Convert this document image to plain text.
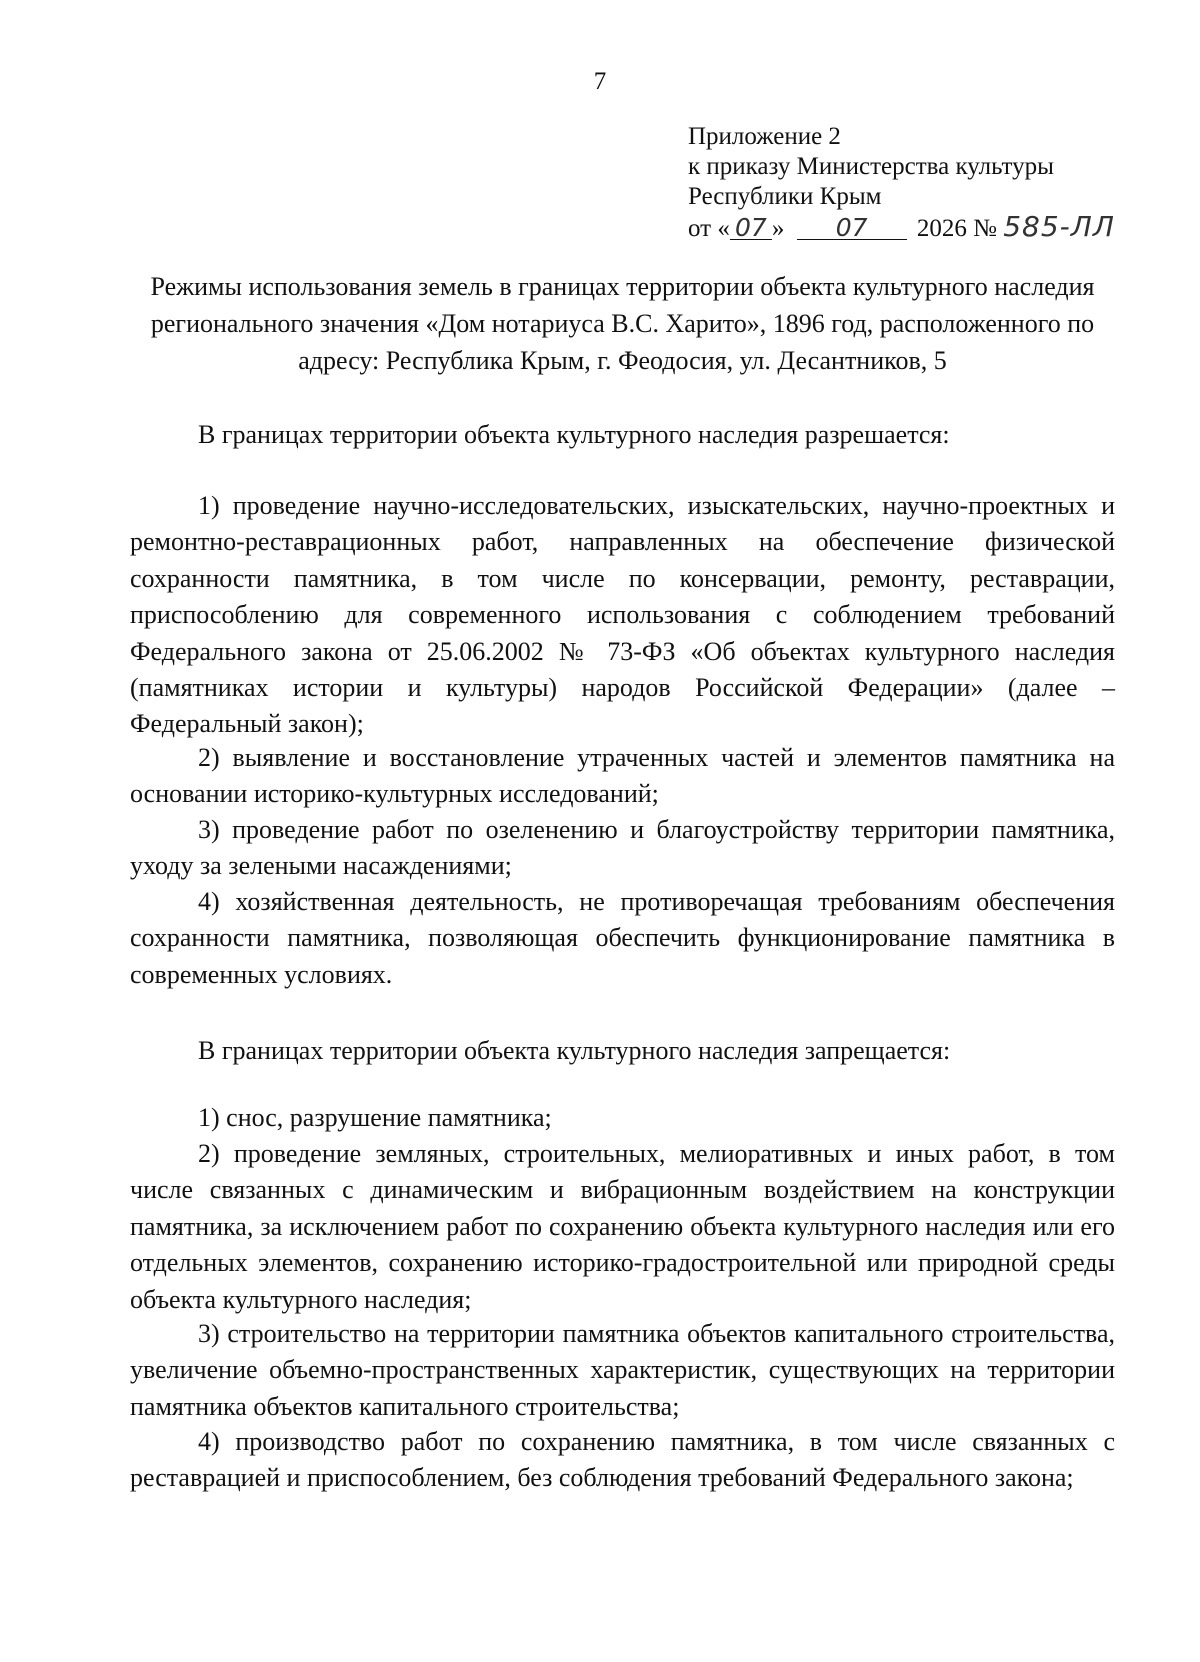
7
Приложение 2
к приказу Министерства культуры
Республики Крым
от « 07 » 07 2026 № 585-ЛЛ
Режимы использования земель в границах территории объекта культурного наследия регионального значения «Дом нотариуса В.С. Харито», 1896 год, расположенного по адресу: Республика Крым, г. Феодосия, ул. Десантников, 5

В границах территории объекта культурного наследия разрешается:

1) проведение научно-исследовательских, изыскательских, научно-проектных и ремонтно-реставрационных работ, направленных на обеспечение физической сохранности памятника, в том числе по консервации, ремонту, реставрации, приспособлению для современного использования с соблюдением требований Федерального закона от 25.06.2002 № 73-ФЗ «Об объектах культурного наследия (памятниках истории и культуры) народов Российской Федерации» (далее – Федеральный закон);

2) выявление и восстановление утраченных частей и элементов памятника на основании историко-культурных исследований;

3) проведение работ по озеленению и благоустройству территории памятника, уходу за зелеными насаждениями;

4) хозяйственная деятельность, не противоречащая требованиям обеспечения сохранности памятника, позволяющая обеспечить функционирование памятника в современных условиях.

В границах территории объекта культурного наследия запрещается:

1) снос, разрушение памятника;

2) проведение земляных, строительных, мелиоративных и иных работ, в том числе связанных с динамическим и вибрационным воздействием на конструкции памятника, за исключением работ по сохранению объекта культурного наследия или его отдельных элементов, сохранению историко-градостроительной или природной среды объекта культурного наследия;

3) строительство на территории памятника объектов капитального строительства, увеличение объемно-пространственных характеристик, существующих на территории памятника объектов капитального строительства;

4) производство работ по сохранению памятника, в том числе связанных с реставрацией и приспособлением, без соблюдения требований Федерального закона;
